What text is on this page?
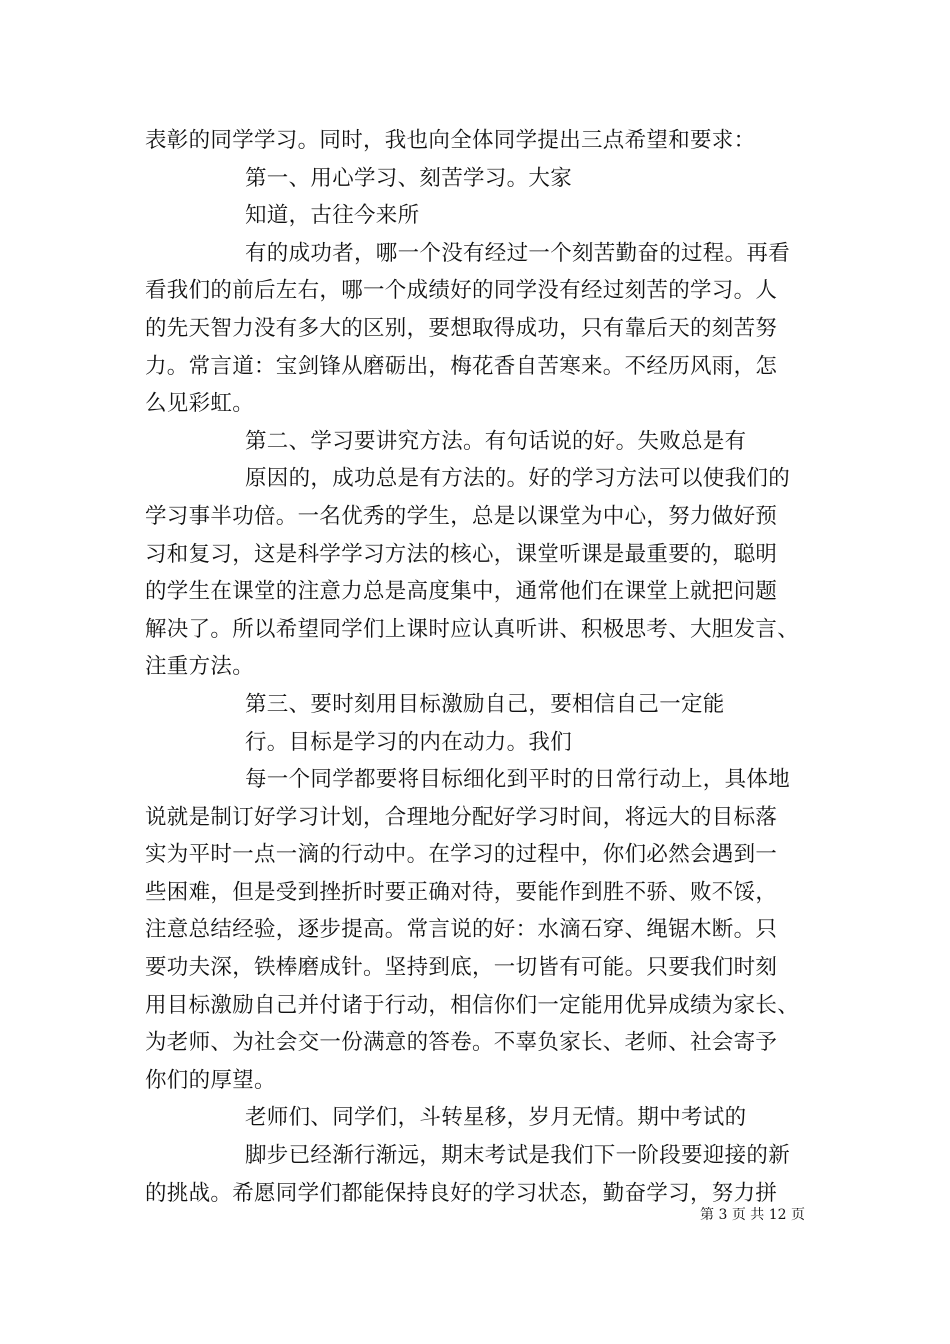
表彰的同学学习。同时，我也向全体同学提出三点希望和要求：
第一、用心学习、刻苦学习。大家
知道，古往今来所
有的成功者，哪一个没有经过一个刻苦勤奋的过程。再看
看我们的前后左右，哪一个成绩好的同学没有经过刻苦的学习。人
的先天智力没有多大的区别，要想取得成功，只有靠后天的刻苦努
力。常言道：宝剑锋从磨砺出，梅花香自苦寒来。不经历风雨，怎
么见彩虹。
第二、学习要讲究方法。有句话说的好。失败总是有
原因的，成功总是有方法的。好的学习方法可以使我们的
学习事半功倍。一名优秀的学生，总是以课堂为中心，努力做好预
习和复习，这是科学学习方法的核心，课堂听课是最重要的，聪明
的学生在课堂的注意力总是高度集中，通常他们在课堂上就把问题
解决了。所以希望同学们上课时应认真听讲、积极思考、大胆发言、
注重方法。
第三、要时刻用目标激励自己，要相信自己一定能
行。目标是学习的内在动力。我们
每一个同学都要将目标细化到平时的日常行动上，具体地
说就是制订好学习计划，合理地分配好学习时间，将远大的目标落
实为平时一点一滴的行动中。在学习的过程中，你们必然会遇到一
些困难，但是受到挫折时要正确对待，要能作到胜不骄、败不馁，
注意总结经验，逐步提高。常言说的好：水滴石穿、绳锯木断。只
要功夫深，铁棒磨成针。坚持到底，一切皆有可能。只要我们时刻
用目标激励自己并付诸于行动，相信你们一定能用优异成绩为家长、
为老师、为社会交一份满意的答卷。不辜负家长、老师、社会寄予
你们的厚望。
老师们、同学们，斗转星移，岁月无情。期中考试的
脚步已经渐行渐远，期末考试是我们下一阶段要迎接的新
的挑战。希愿同学们都能保持良好的学习状态，勤奋学习，努力拼
第 3 页 共 12 页
